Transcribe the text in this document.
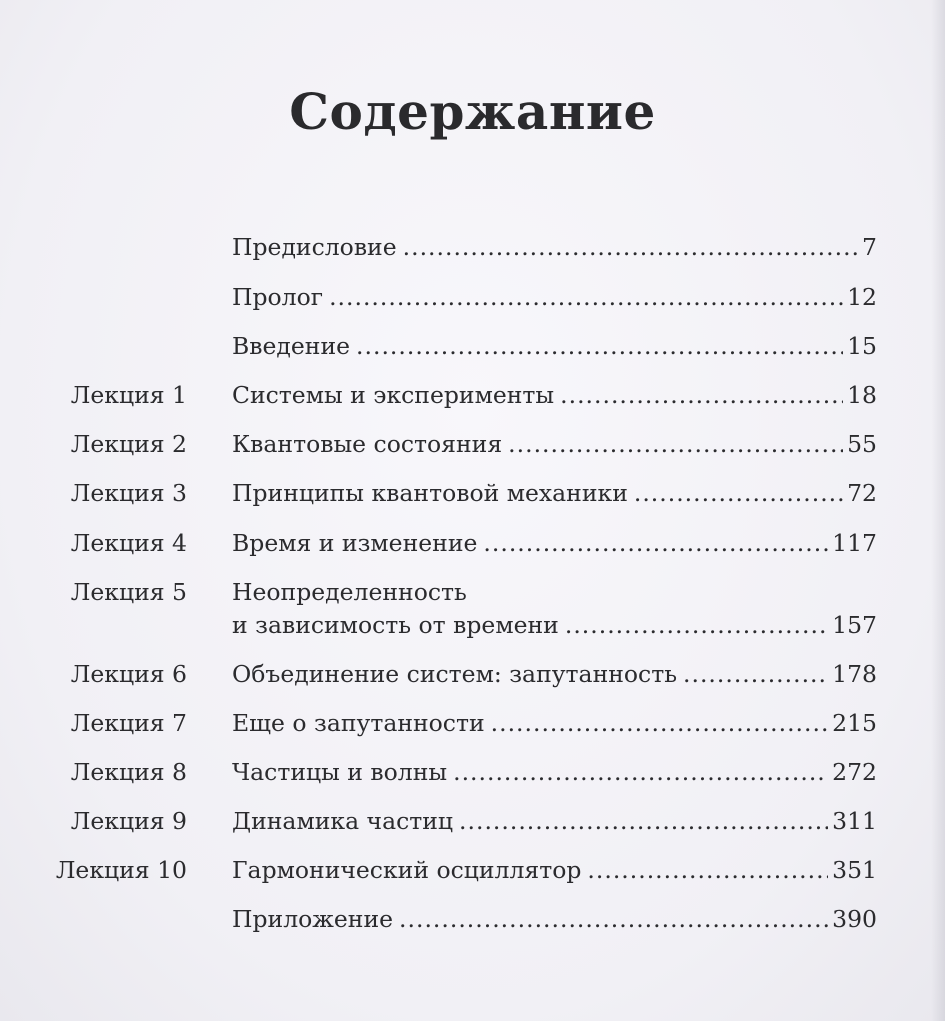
Содержание
Предисловие .....	7
Пролог .....	12
Введение .....	15
Лекция 1 Системы и эксперименты .....	18
Лекция 2 Квантовые состояния .....	55
Лекция 3 Принципы квантовой механики .....	72
Лекция 4 Время и изменение .....	117
Лекция 5 Неопределенность
и зависимость от времени .....	157
Лекция 6 Объединение систем: запутанность .....	178
Лекция 7 Еще о запутанности .....	215
Лекция 8 Частицы и волны .....	272
Лекция 9 Динамика частиц .....	311
Лекция 10 Гармонический осциллятор .....	351
Приложение .....	390
